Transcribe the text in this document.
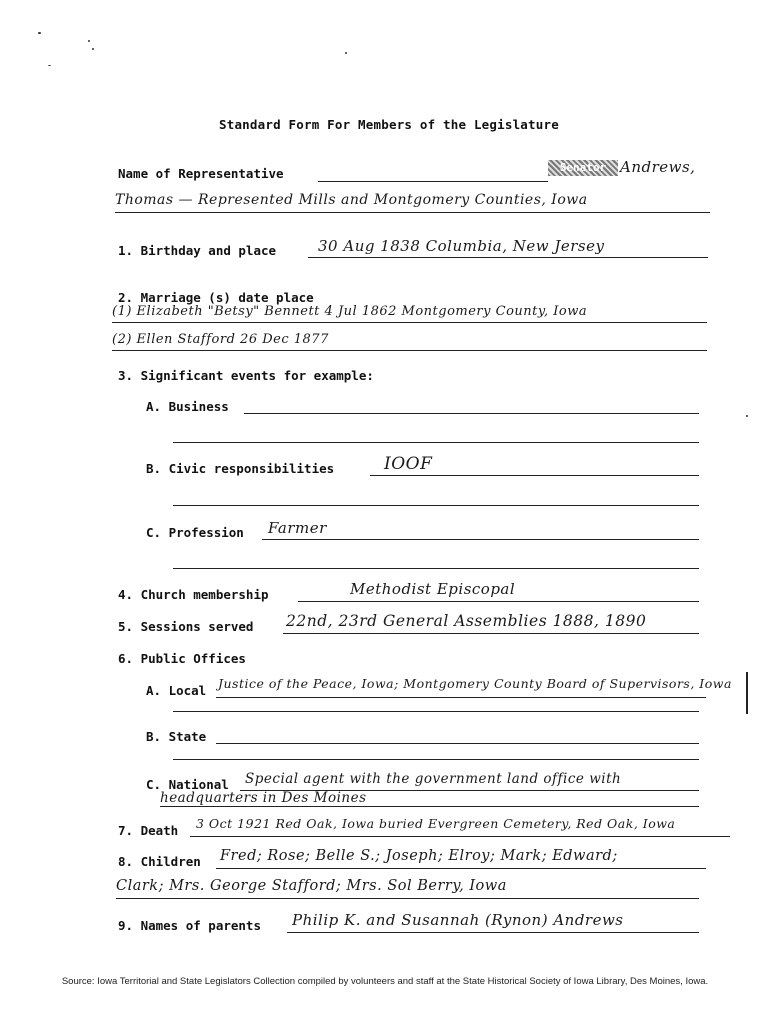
Standard Form For Members of the Legislature
Name of Representative	Senator Andrews,
Thomas — Represented Mills and Montgomery Counties, Iowa
1. Birthday and place	30 Aug 1838 Columbia, New Jersey
2. Marriage (s) date place
(1) Elizabeth "Betsy" Bennett 4 Jul 1862 Montgomery County, Iowa
(2) Ellen Stafford 26 Dec 1877
3. Significant events for example:
A. Business
B. Civic responsibilities	IOOF
C. Profession Farmer
4. Church membership	Methodist Episcopal
5. Sessions served 22nd, 23rd General Assemblies 1888, 1890
6. Public Offices
A. Local Justice of the Peace, Iowa; Montgomery County Board of Supervisors, Iowa
B. State
C. National Special agent with the government land office with
headquarters in Des Moines
7. Death 3 Oct 1921 Red Oak, Iowa buried Evergreen Cemetery, Red Oak, Iowa
8. Children Fred; Rose; Belle S.; Joseph; Elroy; Mark; Edward;
Clark; Mrs. George Stafford; Mrs. Sol Berry, Iowa
9. Names of parents Philip K. and Susannah (Rynon) Andrews
Source: Iowa Territorial and State Legislators Collection compiled by volunteers and staff at the State Historical Society of Iowa Library, Des Moines, Iowa.
